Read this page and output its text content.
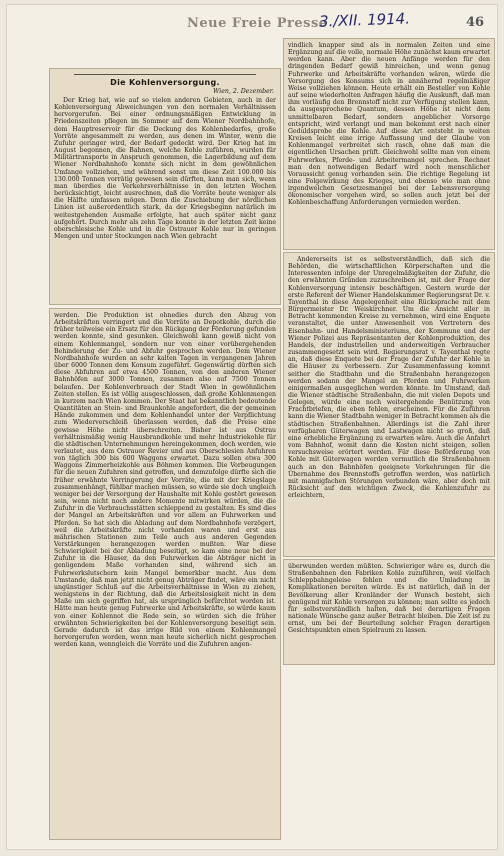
Neue Freie Presse
3./XII. 1914.	46
Die Kohlenversorgung.
Wien, 2. Dezember.

Der Krieg hat, wie auf so vielen anderen Gebieten, auch in der Kohlenversorgung Abweichungen von den normalen Verhältnissen hervorgerufen. Bei einer ordnungsmäßigen Entwicklung in Friedenszeiten pflegen im Sommer auf dem Wiener Nordbahnhofe, dem Hauptreservoir für die Deckung des Kohlenbedarfes, große Vorräte angesammelt zu werden, aus denen im Winter, wenn die Zufuhr geringer wird, der Bedarf gedeckt wird. Der Krieg hat im August begonnen, die Bahnen, welche Kohle zuführen, wurden für Militärtransporte in Anspruch genommen, die Lagerbildung auf dem Wiener Nordbahnhofe konnte sich nicht in dem gewöhnlichen Umfange vollziehen, und während sonst um diese Zeit 100.000 bis 130.000 Tonnen vorrätig gewesen sein dürften, kann man sich, wenn man überdies die Verkehrsverhältnisse in den letzten Wochen berücksichtigt, leicht ausrechnen, daß die Vorräte heute weniger als die Hälfte umfassen mögen. Denn die Zuschiebung der nördlichen Linien ist außerordentlich stark, da der Kriegsbeginn natürlich im weitestgehenden Ausmaße erfolgte, hat auch später nicht ganz aufgehört. Durch mehr als zehn Tage konnte in der letzten Zeit keine oberschlesische Kohle und in die Ostrauer Kohle nur in geringen Mengen und unter Stockungen nach Wien gebracht

werden. Die Produktion ist ohnedies durch den Abzug von Arbeitskräften verringert und die Vorräte an Depotkohle, durch die früher teilweise ein Ersatz für den Rückgang der Förderung gefunden werden konnte, sind gesunken. Gleichwohl kann gewiß nicht von einem Kohlenmangel, sondern nur von einer vorübergehenden Behinderung der Zu- und Abfuhr gesprochen werden. Dem Wiener Nordbahnhofe wurden an sehr kalten Tagen in vergangenen Jahren über 6000 Tonnen dem Konsum zugeführt. Gegenwärtig dürften sich diese Abfuhren auf etwa 4500 Tonnen, von den anderen Wiener Bahnhöfen auf 3000 Tonnen, zusammen also auf 7500 Tonnen belaufen. Der Kohlenverbrauch der Stadt Wien in gewöhnlichen Zeiten stellen. Es ist völlig ausgeschlossen, daß große Kohlenmengen in kurzem nach Wien kommen. Der Staat hat bekanntlich bedeutende Quantitäten an Stein- und Braunkohle angefordert, die der gemeinen Hände zukommen und dem Kohlenhandel unter der Verpflichtung zum Wiederverschleiß überlassen werden, daß die Preise eine gewisse Höhe nicht überschreiten. Bisher ist aus Ostrau verhältnismäßig wenig Hausbrandkohle und mehr Industriekohle für die städtischen Unternehmungen hereingekommen, doch werden, wie verlautet, aus dem Ostrauer Revier und aus Oberschlesien Anfuhren von täglich 300 bis 600 Waggons erwartet. Dazu sollen etwa 300 Waggons Zimmerheizkohle aus Böhmen kommen. Die Vorbeugungen für die neuen Zufuhren sind getroffen, und demzufolge dürfte sich die früher erwähnte Verringerung der Vorräte, die mit der Kriegslage zusammenhängt, fühlbar machen müssen, so würde sie doch ungleich weniger bei der Versorgung der Haushalte mit Kohle gestört gewesen sein, wenn nicht noch andere Momente mitwirken würden, die die Zufuhr in die Verbrauchsstätten schleppend zu gestalten. Es sind dies der Mangel an Arbeitskräften und vor allem an Fuhrwerken und Pferden. So hat sich die Abladung auf dem Nordbahnhofe verzögert, weil die Arbeitskräfte nicht vorhanden waren und erst aus mährischen Stationen zum Teile auch aus anderen Gegenden Verstärkungen herangezogen werden mußten. War diese Schwierigkeit bei der Abladung beseitigt, so kam eine neue bei der Zufuhr in die Häuser, da den Fuhrwerken die Abträger nicht in genügendem Maße vorhanden sind, während sich an Fuhrwerkslutschern kein Mangel bemerkbar macht. Aus dem Umstande, daß man jetzt nicht genug Abträger findet, wäre ein nicht ungünstiger Schluß auf die Arbeitsverhältnisse in Wien zu ziehen, wenigstens in der Richtung, daß die Arbeitslosigkeit nicht in dem Maße um sich gegriffen hat, als ursprünglich befürchtet worden ist. Hätte man heute genug Fuhrwerke und Arbeitskräfte, so würde kaum von einer Kohlennot die Rede sein, so würden sich die früher erwähnten Schwierigkeiten bei der Kohlenversorgung beseitigt sein. Gerade dadurch ist das irrige Bild von einem Kohlenmangel hervorgerufen worden, wenn man heute sicherlich nicht gesprochen werden kann, wenngleich die Vorräte und die Zufuhren angen-

vindlich knapper sind als in normalen Zeiten und eine Ergänzung auf die volle, normale Höhe zunächst kaum erwartet werden kann. Aber die neuen Anfänge werden für den dringenden Bedarf gewiß hinreichen, und wenn genug Fuhrwerke und Arbeitskräfte vorhanden wären, würde die Versorgung des Konsums sich in annähernd regelmäßiger Weise vollziehen können. Heute erhält ein Besteller von Kohle auf seine wiederholten Anfragen häufig die Auskunft, daß man ihm vorläufig den Brennstoff nicht zur Verfügung stellen kann, da ausgesprochene Quantum, dessen Höhe ist nicht dem unmittelbaren Bedarf, sondern angeblicher Vorsorge entspricht, wird verlangt und man bekommt erst nach einer Geduldsprobe die Kohle. Auf diese Art entsteht in weiten Kreisen leicht eine irrige Auffassung und der Glaube von Kohlenmangel verbreitet sich rasch, ohne daß man die eigentlichen Ursachen prüft. Gleichwohl sollte man von einem Fuhrwerkes, Pferde- und Arbeitermangel sprechen. Rechnet man den notwendigen Bedarf wird noch menschlicher Voraussicht genug vorhanden sein. Die richtige Regelung ist eine Folgewirkung des Krieges, und ebenso wie man ohne irgendwelchen Gesetzesmangel bei der Lebensversorgung ökonomischer vorgehen wird, so sollen auch jetzt bei der Kohlenbeschaffung Anforderungen vermieden werden.

Andererseits ist es selbstverständlich, daß sich die Behörden, die wirtschaftlichen Körperschaften und die Interessenten infolge der Unregelmäßigkeiten der Zufuhr, die den erwähnten Gründen zuzuschreiben ist, mit der Frage der Kohlenversorgung intensiv beschäftigen. Gestern wurde der erste Referent der Wiener Handelskammer Regierungsrat Dr. v. Tayenthal in diese Angelegenheit eine Rücksprache mit dem Bürgermeister Dr. Weiskirchner. Um die Ansicht aller in Betracht kommenden Kreise zu vernehmen, wird eine Enquete veranstaltet, die unter Anwesenheit von Vertretern des Eisenbahn- und Handelsministeriums, der Kommune und der Wiener Polizei aus Repräsentanten der Kohlenproduktion, des Handels, der industriellen und anderweitigen Verbraucher zusammengesetzt sein wird. Regierungsrat v. Tayenthal regte an, daß diese Enquete bei der Frage der Zufuhr der Kohle in die Häuser zu verbessern. Zur Zusammenfassung kommt seither die Stadtbahn und die Straßenbahn herangezogen werden sodann der Mangel an Pferden und Fuhrwerken einigermaßen ausgeglichen werden könnte. Im Umstand, daß die Wiener städtische Straßenbahn, die mit vielen Depots und Gelegen, würde eine noch weitergehende Benützung von Frachtbriefen, die eben fehlen, erscheinen. Für die Zuführen kann die Wiener Stadtbahn weniger in Betracht kommen als die städtischen Straßenbahnen. Allerdings ist die Zahl ihrer verfügbaren Güterwagen und Lastwagen nicht so groß, daß eine erhebliche Ergänzung zu erwarten wäre. Auch die Anfahrt vom Bahnhof, womit dann die Kosten nicht steigen, sollen versuchsweise erörtert werden. Für diese Beförderung von Kohle mit Güterwagen werden vermutlich die Straßenbahnen auch an den Bahnhöfen geeignete Vorkehrungen für die Übernahme des Brennstoffs getroffen werden, was natürlich mit mannigfachen Störungen verbunden wäre, aber doch mit Rücksicht auf den wichtigen Zweck, die Kohlenzufuhr zu erleichtern,

überwunden werden müßten. Schwieriger wäre es, durch die Straßenbahnen den Fabriken Kohle zuzuführen, weil vielfach Schleppbahngeleise fehlen und die Umladung in Komplikationen bereiten würde. Es ist natürlich, daß in der Bevölkerung aller Kronländer der Wunsch besteht, sich genügend mit Kohle versorgen zu können; man sollte es jedoch für selbstverständlich halten, daß bei derartigen Fragen nationale Wünsche ganz außer Betracht bleiben. Die Zeit ist zu ernst, um bei der Beurteilung solcher Fragen derartigen Gesichtspunkten einen Spielraum zu lassen.
